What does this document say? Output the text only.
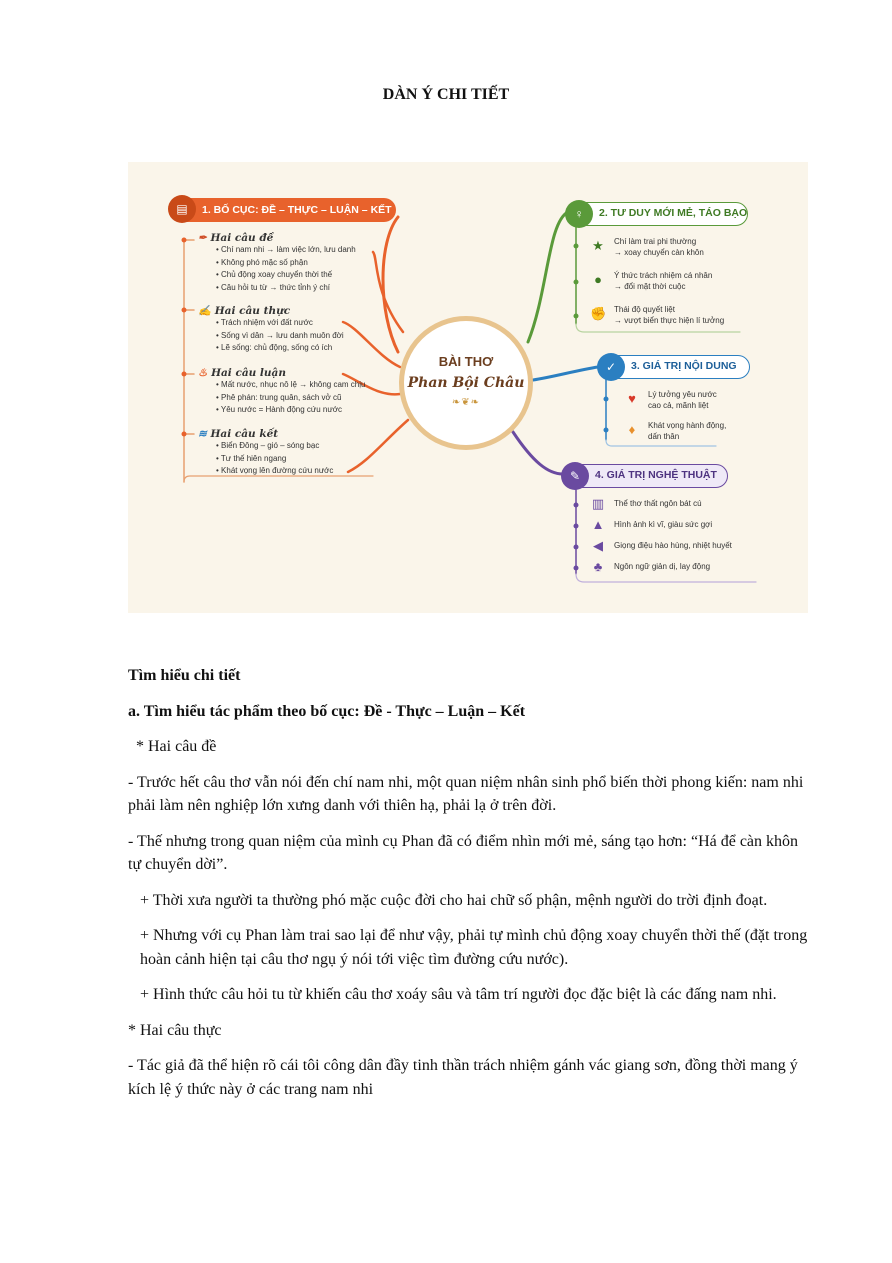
DÀN Ý CHI TIẾT
▤	1. BỐ CỤC: ĐỀ – THỰC – LUẬN – KẾT
✒ Hai câu đề
• Chí nam nhi → làm việc lớn, lưu danh
• Không phó mặc số phận
• Chủ động xoay chuyển thời thế
• Câu hỏi tu từ → thức tỉnh ý chí
✍ Hai câu thực
• Trách nhiệm với đất nước
• Sống vì dân → lưu danh muôn đời
• Lẽ sống: chủ động, sống có ích
♨ Hai câu luận
• Mất nước, nhục nô lệ → không cam chịu
• Phê phán: trung quân, sách vở cũ
• Yêu nước = Hành động cứu nước
≋ Hai câu kết
• Biển Đông – gió – sóng bạc
• Tư thế hiên ngang
• Khát vọng lên đường cứu nước
BÀI THƠ
Phan Bội Châu
❧❦❧
♀	2. TƯ DUY MỚI MẺ, TÁO BẠO
★ Chí làm trai phi thường
→ xoay chuyển càn khôn
●	Ý thức trách nhiệm cá nhân
→ đổi mặt thời cuộc
✊ Thái độ quyết liệt
→ vượt biển thực hiện lí tưởng
✓	3. GIÁ TRỊ NỘI DUNG
♥	Lý tưởng yêu nước
cao cả, mãnh liệt
♦	Khát vọng hành động,
dấn thân
✎	4. GIÁ TRỊ NGHỆ THUẬT
▥ Thể thơ thất ngôn bát cú
▲ Hình ảnh kì vĩ, giàu sức gợi
◀	Giọng điệu hào hùng, nhiệt huyết
♣	Ngôn ngữ giản dị, lay động

Tìm hiểu chi tiết

a. Tìm hiểu tác phẩm theo bố cục: Đề - Thực – Luận – Kết

* Hai câu đề

- Trước hết câu thơ vẫn nói đến chí nam nhi, một quan niệm nhân sinh phổ biến thời phong kiến: nam nhi phải làm nên nghiệp lớn xưng danh với thiên hạ, phải lạ ở trên đời.

- Thế nhưng trong quan niệm của mình cụ Phan đã có điểm nhìn mới mẻ, sáng tạo hơn: “Há để càn khôn tự chuyển dời”.

+ Thời xưa người ta thường phó mặc cuộc đời cho hai chữ số phận, mệnh người do trời định đoạt.

+ Nhưng với cụ Phan làm trai sao lại để như vậy, phải tự mình chủ động xoay chuyển thời thế (đặt trong hoàn cảnh hiện tại câu thơ ngụ ý nói tới việc tìm đường cứu nước).

+ Hình thức câu hỏi tu từ khiến câu thơ xoáy sâu và tâm trí người đọc đặc biệt là các đấng nam nhi.

* Hai câu thực

- Tác giả đã thể hiện rõ cái tôi công dân đầy tinh thần trách nhiệm gánh vác giang sơn, đồng thời mang ý kích lệ ý thức này ở các trang nam nhi
